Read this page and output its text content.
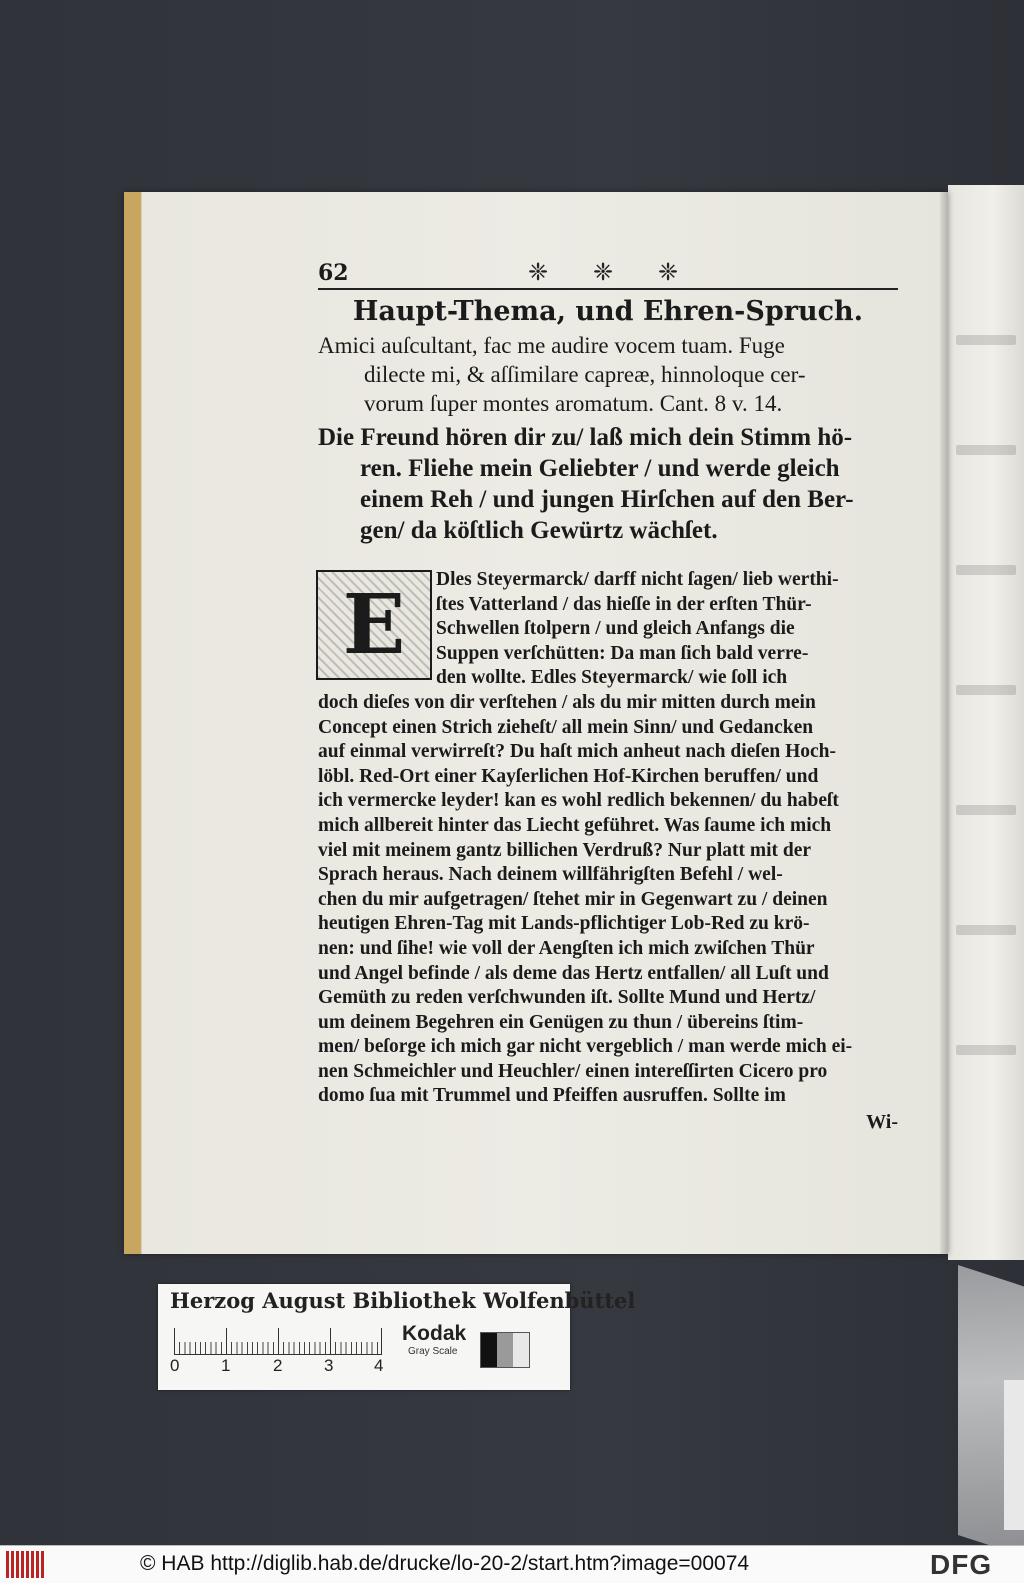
62	❈ ❈ ❈
Haupt-Thema, und Ehren-Spruch.
Amici auſcultant, fac me audire vocem tuam. Fuge
dilecte mi, & aſſimilare capreæ, hinnoloque cer-
vorum ſuper montes aromatum. Cant. 8 v. 14.
Die Freund hören dir zu/ laß mich dein Stimm hö-
ren. Fliehe mein Geliebter / und werde gleich
einem Reh / und jungen Hirſchen auf den Ber-
gen/ da köſtlich Gewürtz wächſet.
E	Dles Steyermarck/ darff nicht ſagen/ lieb werthi-
ſtes Vatterland / das hieſſe in der erſten Thür-
Schwellen ſtolpern / und gleich Anfangs die
Suppen verſchütten: Da man ſich bald verre-
den wollte. Edles Steyermarck/ wie ſoll ich
doch dieſes von dir verſtehen / als du mir mitten durch mein
Concept einen Strich zieheſt/ all mein Sinn/ und Gedancken
auf einmal verwirreſt? Du haſt mich anheut nach dieſen Hoch-
löbl. Red-Ort einer Kayſerlichen Hof-Kirchen beruffen/ und
ich vermercke leyder! kan es wohl redlich bekennen/ du habeſt
mich allbereit hinter das Liecht geführet. Was ſaume ich mich
viel mit meinem gantz billichen Verdruß? Nur platt mit der
Sprach heraus. Nach deinem willfährigſten Befehl / wel-
chen du mir aufgetragen/ ſtehet mir in Gegenwart zu / deinen
heutigen Ehren-Tag mit Lands-pflichtiger Lob-Red zu krö-
nen: und ſihe! wie voll der Aengſten ich mich zwiſchen Thür
und Angel befinde / als deme das Hertz entfallen/ all Luſt und
Gemüth zu reden verſchwunden iſt. Sollte Mund und Hertz/
um deinem Begehren ein Genügen zu thun / übereins ſtim-
men/ beſorge ich mich gar nicht vergeblich / man werde mich ei-
nen Schmeichler und Heuchler/ einen intereſſirten Cicero pro
domo ſua mit Trummel und Pfeiffen ausruffen. Sollte im
Wi-
Herzog August Bibliothek Wolfenbüttel
0 1	2 3 4
Kodak
Gray Scale
© HAB http://diglib.hab.de/drucke/lo-20-2/start.htm?image=00074	DFG
